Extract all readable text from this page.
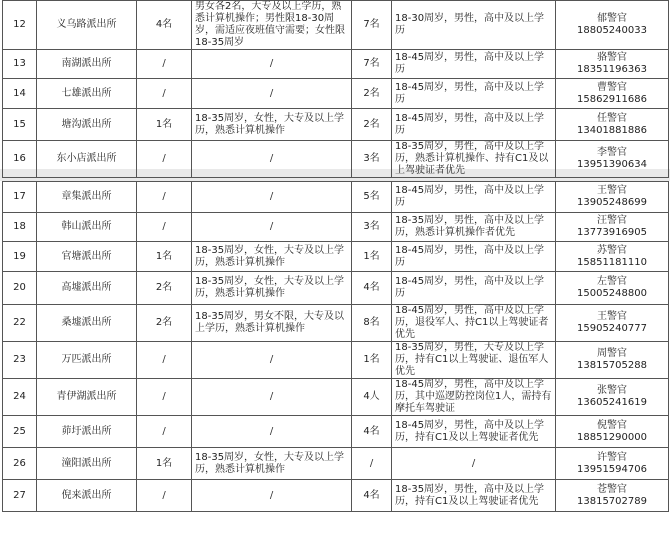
12	义乌路派出所	4名	男女各2名，大专及以上学历，熟悉计算机操作；男性限18-30周岁，需适应夜班值守需要；女性限18-35周岁	7名	18-30周岁，男性，高中及以上学历	郁警官
18805240033

13	南湖派出所	/	/	7名	18-45周岁，男性，高中及以上学历	骆警官
18351196363

14	七雄派出所	/	/	2名	18-45周岁，男性，高中及以上学历	曹警官
15862911686

15	塘沟派出所	1名	18-35周岁，女性，大专及以上学历，熟悉计算机操作	2名	18-45周岁，男性，高中及以上学历	任警官
13401881886

16	东小店派出所	/	/	3名	18-35周岁，男性，高中及以上学历，熟悉计算机操作、持有C1及以上驾驶证者优先	李警官
13951390634
17	章集派出所	/	/	5名	18-45周岁，男性，高中及以上学历	王警官
13905248699

18	韩山派出所	/	/	3名	18-35周岁，男性，高中及以上学历，熟悉计算机操作者优先	汪警官
13773916905

19	官塘派出所	1名	18-35周岁，女性，大专及以上学历，熟悉计算机操作	1名	18-45周岁，男性，高中及以上学历	苏警官
15851181110

20	高墟派出所	2名	18-35周岁，女性，大专及以上学历，熟悉计算机操作	4名	18-45周岁，男性，高中及以上学历	左警官
15005248800

22	桑墟派出所	2名	18-35周岁，男女不限，大专及以上学历，熟悉计算机操作	8名	18-45周岁，男性，高中及以上学历，退役军人、持C1以上驾驶证者优先	王警官
15905240777

23	万匹派出所	/	/	1名	18-35周岁，男性，大专及以上学历，持有C1以上驾驶证、退伍军人优先	周警官
13815705288

24	青伊湖派出所	/	/	4人	18-45周岁，男性，高中及以上学历，其中巡逻防控岗位1人，需持有摩托车驾驶证	张警官
13605241619

25	茆圩派出所	/	/	4名	18-45周岁，男性，高中及以上学历，持有C1及以上驾驶证者优先	倪警官
18851290000

26	潼阳派出所	1名	18-35周岁，女性，大专及以上学历，熟悉计算机操作	/	/	许警官
13951594706

27	倪来派出所	/	/	4名	18-35周岁，男性，高中及以上学历，持有C1及以上驾驶证者优先	苍警官
13815702789
